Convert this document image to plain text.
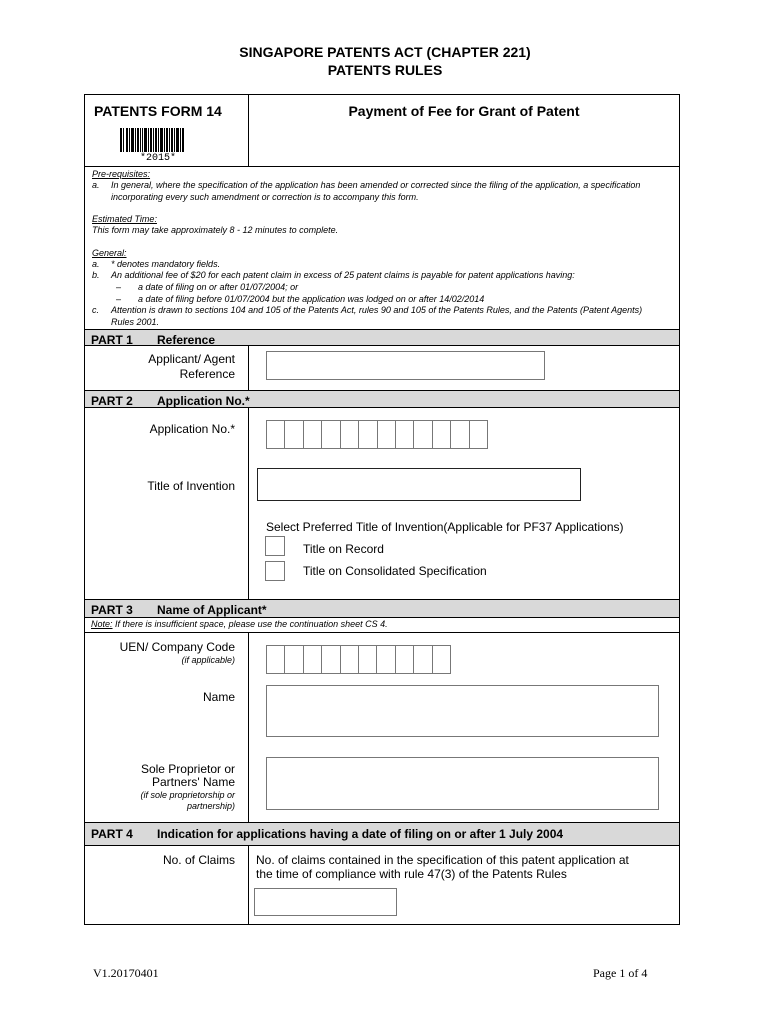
SINGAPORE PATENTS ACT (CHAPTER 221)
PATENTS RULES
PATENTS FORM 14
*2015*
Payment of Fee for Grant of Patent
Pre-requisites:
a.	In general, where the specification of the application has been amended or corrected since the filing of the application, a specification incorporating every such amendment or correction is to accompany this form.
Estimated Time:
This form may take approximately 8 - 12 minutes to complete.
General:
a.	* denotes mandatory fields.
b.	An additional fee of $20 for each patent claim in excess of 25 patent claims is payable for patent applications having:
–	a date of filing on or after 01/07/2004; or
–	a date of filing before 01/07/2004 but the application was lodged on or after 14/02/2014
c.	Attention is drawn to sections 104 and 105 of the Patents Act, rules 90 and 105 of the Patents Rules, and the Patents (Patent Agents) Rules 2001.
PART 1 Reference
Applicant/ Agent
Reference
PART 2 Application No.*
Application No.*
Title of Invention
Select Preferred Title of Invention(Applicable for PF37 Applications)
Title on Record
Title on Consolidated Specification
PART 3 Name of Applicant*
Note: If there is insufficient space, please use the continuation sheet CS 4.
UEN/ Company Code
(if applicable)
Name
Sole Proprietor or
Partners' Name
(if sole proprietorship or
partnership)
PART 4 Indication for applications having a date of filing on or after 1 July 2004
No. of Claims No. of claims contained in the specification of this patent application at
the time of compliance with rule 47(3) of the Patents Rules
V1.20170401	Page 1 of 4
